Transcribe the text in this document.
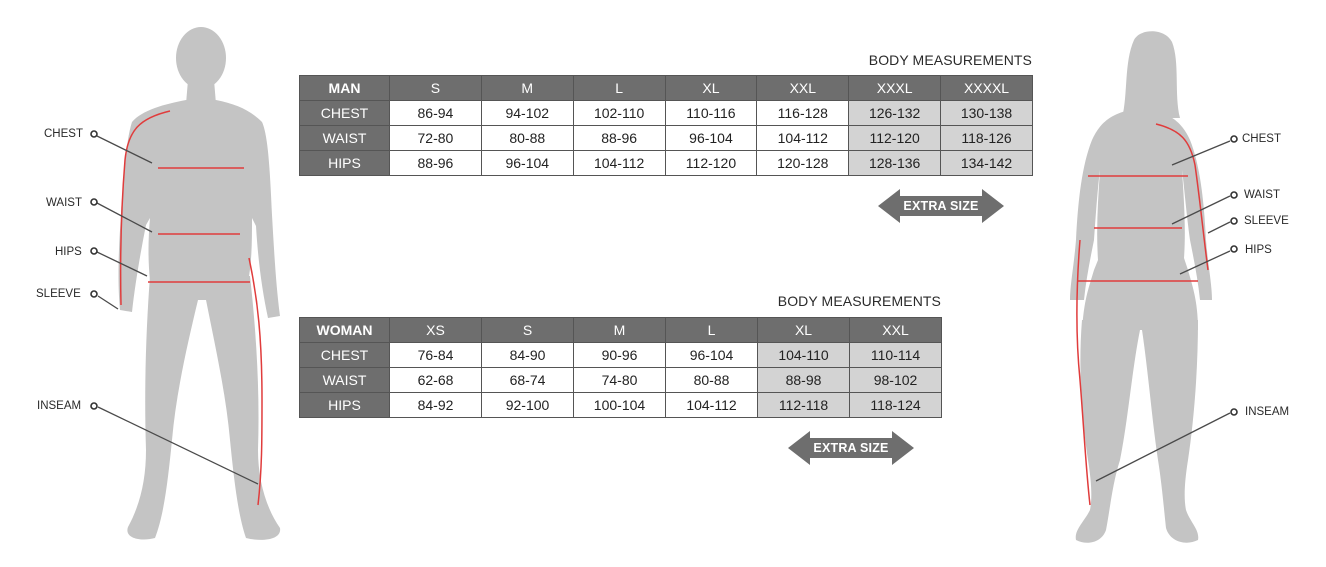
CHEST
WAIST
HIPS
SLEEVE
INSEAM
CHEST
WAIST
SLEEVE
HIPS
INSEAM
BODY MEASUREMENTS
MAN	S	M	L	XL	XXL	XXXL	XXXXL
CHEST	86-94	94-102	102-110	110-116	116-128	126-132	130-138
WAIST	72-80	80-88	88-96	96-104	104-112	112-120	118-126
HIPS	88-96	96-104	104-112	112-120	120-128	128-136	134-142
EXTRA SIZE
BODY MEASUREMENTS
WOMAN	XS	S	M	L	XL	XXL
CHEST	76-84	84-90	90-96	96-104	104-110	110-114
WAIST	62-68	68-74	74-80	80-88	88-98	98-102
HIPS	84-92	92-100	100-104	104-112	112-118	118-124
EXTRA SIZE
